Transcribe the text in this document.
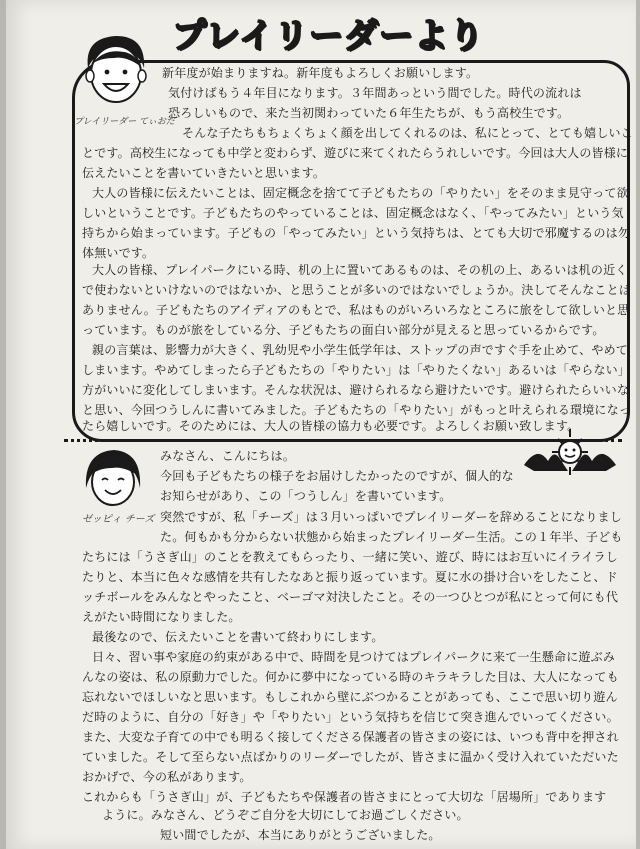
プレイリーダーより
プレイリーダー てぃおだ
新年度が始まりますね。新年度もよろしくお願いします。
気付けばもう４年目になります。３年間あっという間でした。時代の流れは
恐ろしいもので、来た当初関わっていた６年生たちが、もう高校生です。
そんな子たちもちょくちょく顔を出してくれるのは、私にとって、とても嬉しいこ
とです。高校生になっても中学と変わらず、遊びに来てくれたらうれしいです。今回は大人の皆様に
伝えたいことを書いていきたいと思います。
大人の皆様に伝えたいことは、固定概念を捨てて子どもたちの「やりたい」をそのまま見守って欲
しいということです。子どもたちのやっていることは、固定概念はなく、「やってみたい」という気
持ちから始まっています。子どもの「やってみたい」という気持ちは、とても大切で邪魔するのは勿
体無いです。
大人の皆様、プレイパークにいる時、机の上に置いてあるものは、その机の上、あるいは机の近く
で使わないといけないのではないか、と思うことが多いのではないでしょうか。決してそんなことは
ありません。子どもたちのアイディアのもとで、私はものがいろいろなところに旅をして欲しいと思
っています。ものが旅をしている分、子どもたちの面白い部分が見えると思っているからです。
親の言葉は、影響力が大きく、乳幼児や小学生低学年は、ストップの声ですぐ手を止めて、やめて
しまいます。やめてしまったら子どもたちの「やりたい」は「やりたくない」あるいは「やらない」
方がいいに変化してしまいます。そんな状況は、避けられるなら避けたいです。避けられたらいいな
と思い、今回つうしんに書いてみました。子どもたちの「やりたい」がもっと叶えられる環境になっ
たら嬉しいです。そのためには、大人の皆様の協力も必要です。よろしくお願い致します。
ゼッピィ チーズ
みなさん、こんにちは。
今回も子どもたちの様子をお届けしたかったのですが、個人的な
お知らせがあり、この「つうしん」を書いています。
突然ですが、私「チーズ」は３月いっぱいでプレイリーダーを辞めることになりまし
た。何もかも分からない状態から始まったプレイリーダー生活。この１年半、子ども
たちには「うさぎ山」のことを教えてもらったり、一緒に笑い、遊び、時にはお互いにイライラし
たりと、本当に色々な感情を共有したなあと振り返っています。夏に水の掛け合いをしたこと、ド
ッチボールをみんなとやったこと、ベーゴマ対決したこと。その一つひとつが私にとって何にも代
えがたい時間になりました。
最後なので、伝えたいことを書いて終わりにします。
日々、習い事や家庭の約束がある中で、時間を見つけてはプレイパークに来て一生懸命に遊ぶみ
んなの姿は、私の原動力でした。何かに夢中になっている時のキラキラした目は、大人になっても
忘れないでほしいなと思います。もしこれから壁にぶつかることがあっても、ここで思い切り遊ん
だ時のように、自分の「好き」や「やりたい」という気持ちを信じて突き進んでいってください。
また、大変な子育ての中でも明るく接してくださる保護者の皆さまの姿には、いつも背中を押され
ていました。そして至らない点ばかりのリーダーでしたが、皆さまに温かく受け入れていただいた
おかげで、今の私があります。
これからも「うさぎ山」が、子どもたちや保護者の皆さまにとって大切な「居場所」であります
ように。みなさん、どうぞご自分を大切にしてお過ごしください。
短い間でしたが、本当にありがとうございました。
